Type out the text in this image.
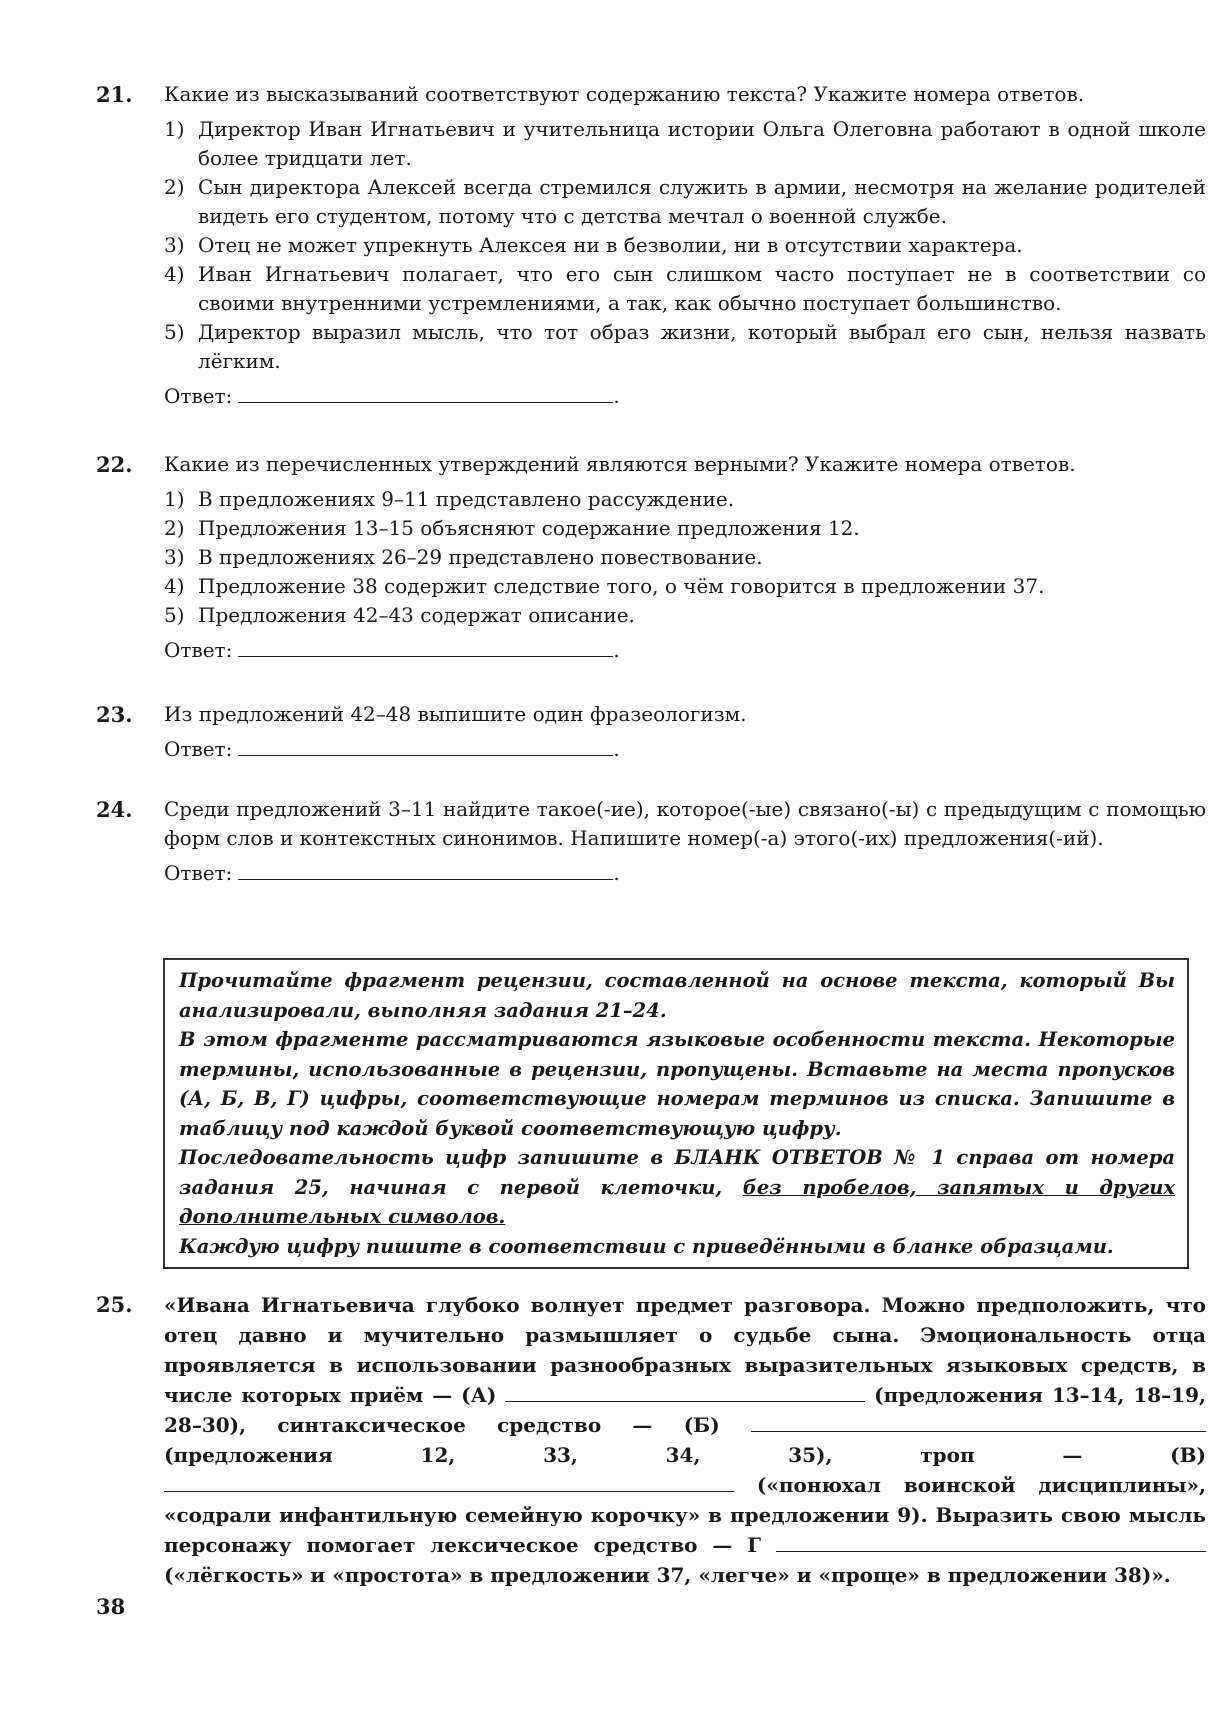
21.	Какие из высказываний соответствуют содержанию текста? Укажите номера ответов.
1) Директор Иван Игнатьевич и учительница истории Ольга Олеговна работают в одной школе более тридцати лет.
2) Сын директора Алексей всегда стремился служить в армии, несмотря на желание родителей видеть его студентом, потому что с детства мечтал о военной службе.
3) Отец не может упрекнуть Алексея ни в безволии, ни в отсутствии характера.
4) Иван Игнатьевич полагает, что его сын слишком часто поступает не в соответствии со своими внутренними устремлениями, а так, как обычно поступает большинство.
5) Директор выразил мысль, что тот образ жизни, который выбрал его сын, нельзя назвать лёгким.
Ответ:	.
22.	Какие из перечисленных утверждений являются верными? Укажите номера ответов.
1) В предложениях 9–11 представлено рассуждение.
2) Предложения 13–15 объясняют содержание предложения 12.
3) В предложениях 26–29 представлено повествование.
4) Предложение 38 содержит следствие того, о чём говорится в предложении 37.
5) Предложения 42–43 содержат описание.
Ответ:	.
23.	Из предложений 42–48 выпишите один фразеологизм.
Ответ:	.
24.	Среди предложений 3–11 найдите такое(-ие), которое(-ые) связано(-ы) с предыдущим с помощью форм слов и контекстных синонимов. Напишите номер(-а) этого(-их) предложения(-ий).
Ответ:	.

Прочитайте фрагмент рецензии, составленной на основе текста, который Вы анализировали, выполняя задания 21–24.

В этом фрагменте рассматриваются языковые особенности текста. Некоторые термины, использованные в рецензии, пропущены. Вставьте на места пропусков (А, Б, В, Г) цифры, соответствующие номерам терминов из списка. Запишите в таблицу под каждой буквой соответствующую цифру.

Последовательность цифр запишите в БЛАНК ОТВЕТОВ № 1 справа от номера задания 25, начиная с первой клеточки, без пробелов, запятых и других дополнительных символов.

Каждую цифру пишите в соответствии с приведёнными в бланке образцами.

25.	«Ивана Игнатьевича глубоко волнует предмет разговора. Можно предположить, что отец давно и мучительно размышляет о судьбе сына. Эмоциональность отца проявляется в использовании разнообразных выразительных языковых средств, в числе которых приём — (А)	(предложения 13–14, 18–19, 28–30), синтаксическое средство — (Б)  (предложения 12, 33, 34, 35), троп — (В)  («понюхал воинской дисциплины», «содрали инфантильную семейную корочку» в предложении 9). Выразить свою мысль персонажу помогает лексическое средство — Г  («лёгкость» и «простота» в предложении 37, «легче» и «проще» в предложении 38)».
38
